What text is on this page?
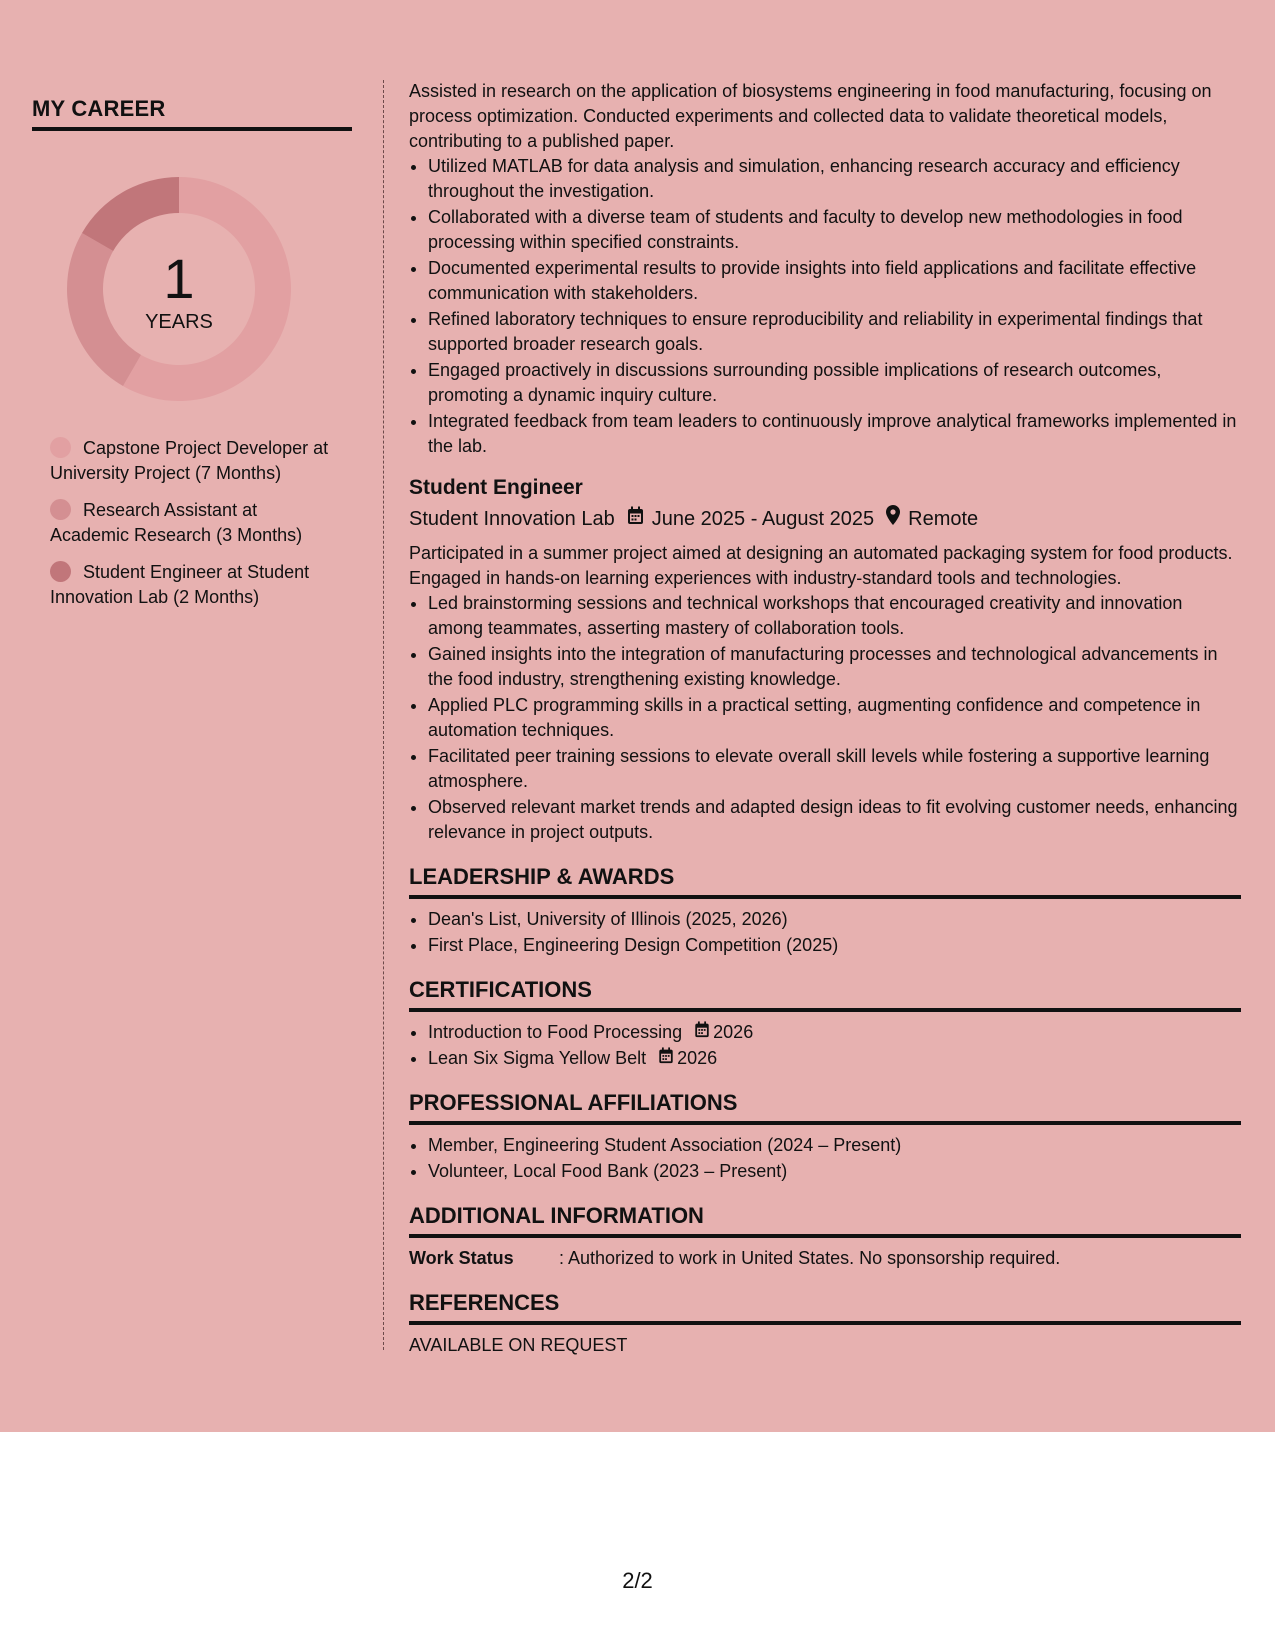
MY CAREER
1
YEARS
Capstone Project Developer at University Project (7 Months)
Research Assistant at Academic Research (3 Months)
Student Engineer at Student Innovation Lab (2 Months)

Assisted in research on the application of biosystems engineering in food manufacturing, focusing on process optimization. Conducted experiments and collected data to validate theoretical models, contributing to a published paper.

• Utilized MATLAB for data analysis and simulation, enhancing research accuracy and efficiency throughout the investigation.
• Collaborated with a diverse team of students and faculty to develop new methodologies in food processing within specified constraints.
• Documented experimental results to provide insights into field applications and facilitate effective communication with stakeholders.
• Refined laboratory techniques to ensure reproducibility and reliability in experimental findings that supported broader research goals.
• Engaged proactively in discussions surrounding possible implications of research outcomes, promoting a dynamic inquiry culture.
• Integrated feedback from team leaders to continuously improve analytical frameworks implemented in the lab.
Student Engineer
Student Innovation Lab June 2025 - August 2025 Remote

Participated in a summer project aimed at designing an automated packaging system for food products. Engaged in hands-on learning experiences with industry-standard tools and technologies.

• Led brainstorming sessions and technical workshops that encouraged creativity and innovation among teammates, asserting mastery of collaboration tools.
• Gained insights into the integration of manufacturing processes and technological advancements in the food industry, strengthening existing knowledge.
• Applied PLC programming skills in a practical setting, augmenting confidence and competence in automation techniques.
• Facilitated peer training sessions to elevate overall skill levels while fostering a supportive learning atmosphere.
• Observed relevant market trends and adapted design ideas to fit evolving customer needs, enhancing relevance in project outputs.
LEADERSHIP & AWARDS
• Dean's List, University of Illinois (2025, 2026)
• First Place, Engineering Design Competition (2025)
CERTIFICATIONS
• Introduction to Food Processing 2026
• Lean Six Sigma Yellow Belt 2026
PROFESSIONAL AFFILIATIONS
• Member, Engineering Student Association (2024 – Present)
• Volunteer, Local Food Bank (2023 – Present)
ADDITIONAL INFORMATION
Work Status	: Authorized to work in United States. No sponsorship required.
REFERENCES
AVAILABLE ON REQUEST
2/2
